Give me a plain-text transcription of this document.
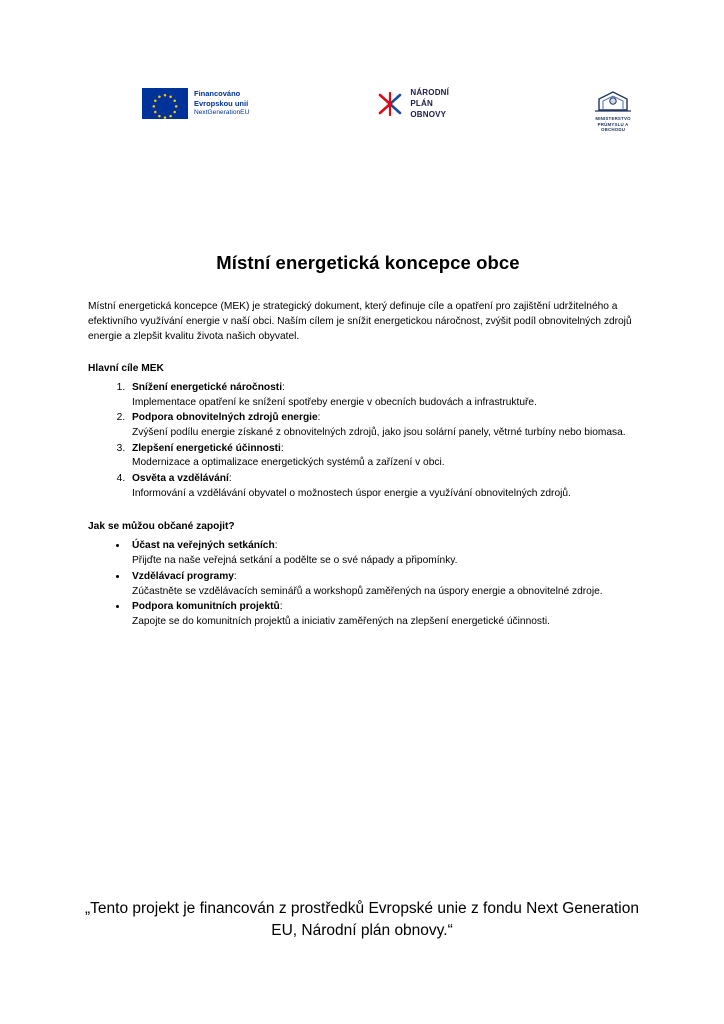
Financováno
Evropskou unií
NextGenerationEU
NÁRODNÍ
PLÁN OBNOVY	MINISTERSTVO
PRŮMYSLU A OBCHODU
Místní energetická koncepce obce

Místní energetická koncepce (MEK) je strategický dokument, který definuje cíle a opatření pro zajištění udržitelného a efektivního využívání energie v naší obci. Naším cílem je snížit energetickou náročnost, zvýšit podíl obnovitelných zdrojů energie a zlepšit kvalitu života našich obyvatel.

Hlavní cíle MEK
1. Snížení energetické náročnosti:
Implementace opatření ke snížení spotřeby energie v obecních budovách a infrastruktuře.
2. Podpora obnovitelných zdrojů energie:
Zvýšení podílu energie získané z obnovitelných zdrojů, jako jsou solární panely, větrné turbíny nebo biomasa.
3. Zlepšení energetické účinnosti:
Modernizace a optimalizace energetických systémů a zařízení v obci.
4. Osvěta a vzdělávání:
Informování a vzdělávání obyvatel o možnostech úspor energie a využívání obnovitelných zdrojů.
Jak se můžou občané zapojit?
• Účast na veřejných setkáních:
Přijďte na naše veřejná setkání a podělte se o své nápady a připomínky.
• Vzdělávací programy:
Zúčastněte se vzdělávacích seminářů a workshopů zaměřených na úspory energie a obnovitelné zdroje.
• Podpora komunitních projektů:
Zapojte se do komunitních projektů a iniciativ zaměřených na zlepšení energetické účinnosti.
„Tento projekt je financován z prostředků Evropské unie z fondu Next Generation EU, Národní plán obnovy.“
